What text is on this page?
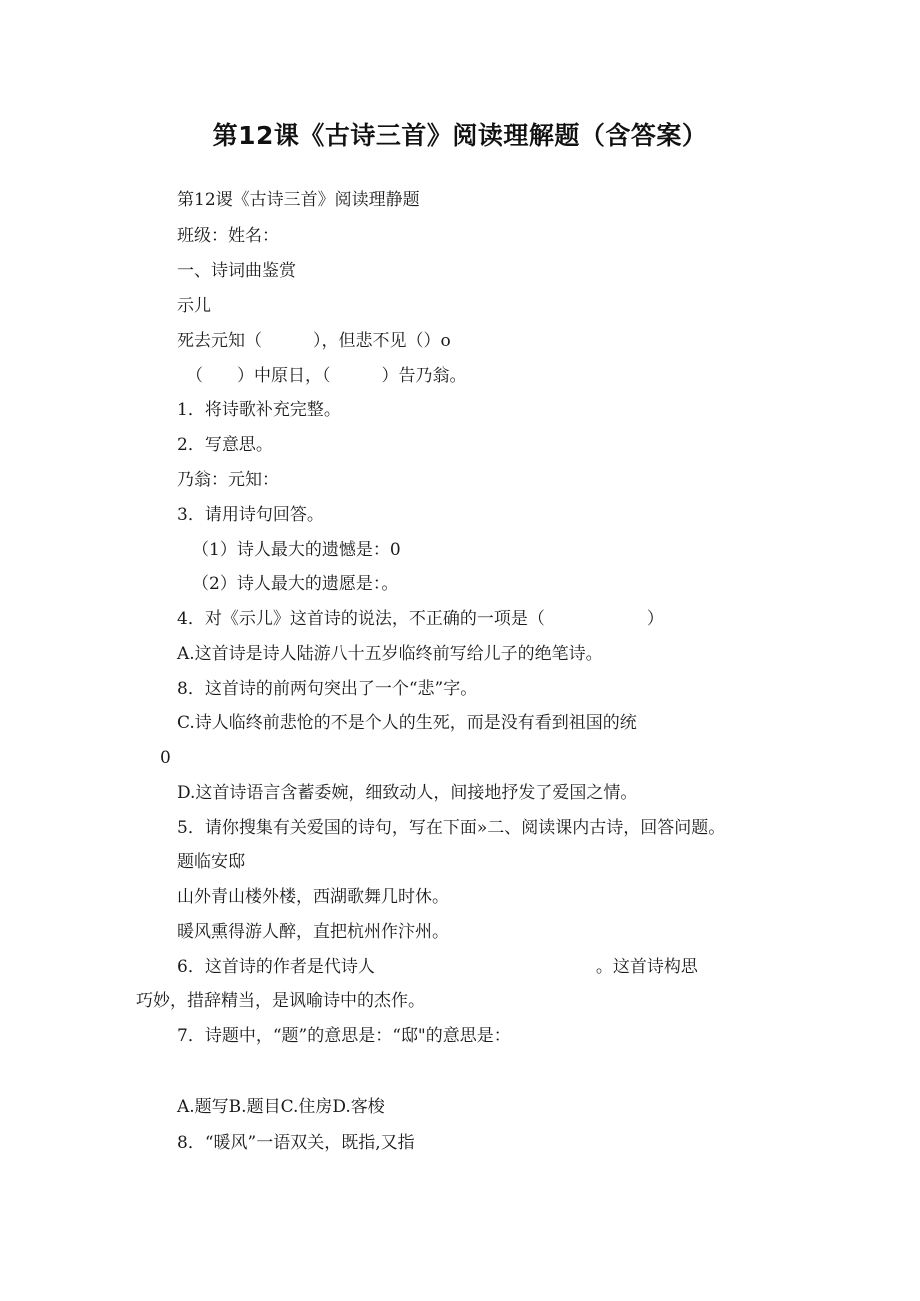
第12课《古诗三首》阅读理解题（含答案）
第12谡《古诗三首》阅读理静题
班级：姓名：
一、诗词曲鉴赏
示儿
死去元知（　　　），但悲不见（）o
（　　）中原日，（　　　）告乃翁。
1．将诗歌补充完整。
2．写意思。
乃翁：元知：
3．请用诗句回答。
（1）诗人最大的遗憾是：0
（2）诗人最大的遗愿是：。
4．对《示儿》这首诗的说法，不正确的一项是（　　　　　　）
A.这首诗是诗人陆游八十五岁临终前写给儿子的绝笔诗。
8．这首诗的前两句突出了一个“悲”字。
C.诗人临终前悲怆的不是个人的生死，而是没有看到祖国的统
0
D.这首诗语言含蓄委婉，细致动人，间接地抒发了爱国之情。
5．请你搜集有关爱国的诗句，写在下面»二、阅读课内古诗，回答问题。
题临安邸
山外青山楼外楼，西湖歌舞几时休。
暖风熏得游人醉，直把杭州作汴州。
6．这首诗的作者是代诗人　　　　　　　　　　　　　。这首诗构思
巧妙，措辞精当，是讽喻诗中的杰作。
7．诗题中，“题”的意思是：“邸"的意思是：
A.题写B.题目C.住房D.客梭
8．“暖风”一语双关，既指,又指
